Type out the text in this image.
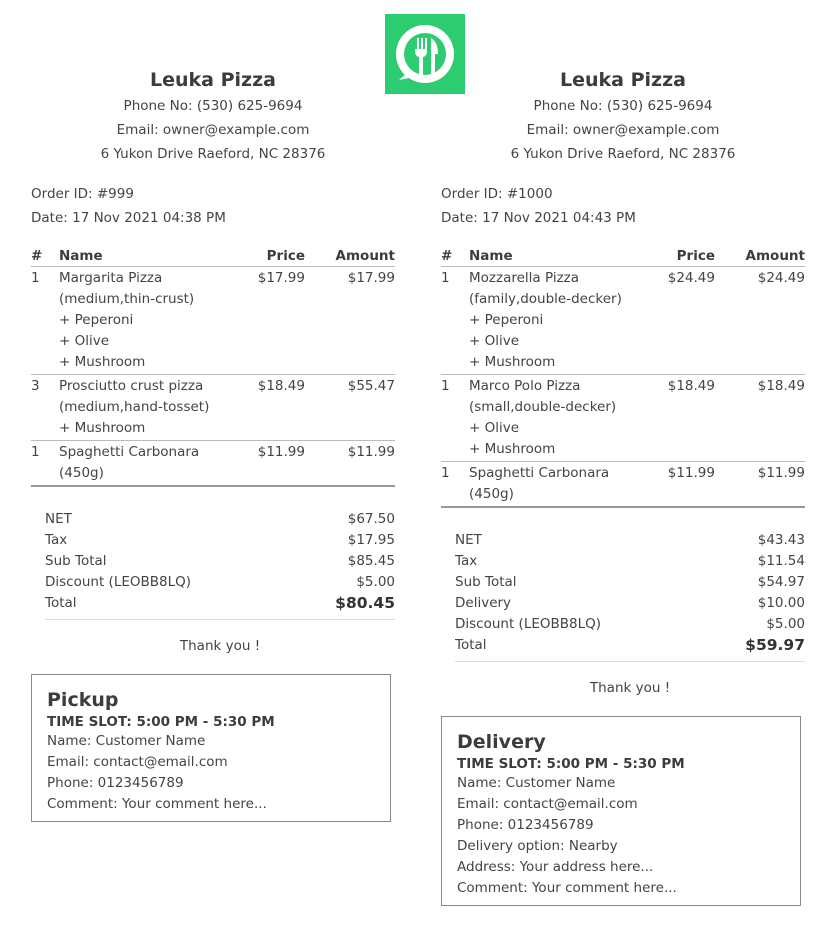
Leuka Pizza
Phone No: (530) 625-9694
Email: owner@example.com
6 Yukon Drive Raeford, NC 28376
Order ID: #999
Date: 17 Nov 2021 04:38 PM
#	Name	Price	Amount
1	Margarita Pizza
(medium,thin-crust)
+ Peperoni
+ Olive
+ Mushroom	$17.99	$17.99
3	Prosciutto crust pizza
(medium,hand-tosset)
+ Mushroom	$18.49	$55.47
1	Spaghetti Carbonara
(450g)	$11.99	$11.99
NET	$67.50
Tax	$17.95
Sub Total	$85.45
Discount (LEOBB8LQ)	$5.00
Total	$80.45
Thank you !
Pickup
TIME SLOT: 5:00 PM - 5:30 PM
Name: Customer Name
Email: contact@email.com
Phone: 0123456789
Comment: Your comment here...
Leuka Pizza
Phone No: (530) 625-9694
Email: owner@example.com
6 Yukon Drive Raeford, NC 28376
Order ID: #1000
Date: 17 Nov 2021 04:43 PM
#	Name	Price	Amount
1	Mozzarella Pizza
(family,double-decker)
+ Peperoni
+ Olive
+ Mushroom	$24.49	$24.49
1	Marco Polo Pizza
(small,double-decker)
+ Olive
+ Mushroom	$18.49	$18.49
1	Spaghetti Carbonara
(450g)	$11.99	$11.99
NET	$43.43
Tax	$11.54
Sub Total	$54.97
Delivery	$10.00
Discount (LEOBB8LQ)	$5.00
Total	$59.97
Thank you !
Delivery
TIME SLOT: 5:00 PM - 5:30 PM
Name: Customer Name
Email: contact@email.com
Phone: 0123456789
Delivery option: Nearby
Address: Your address here...
Comment: Your comment here...
